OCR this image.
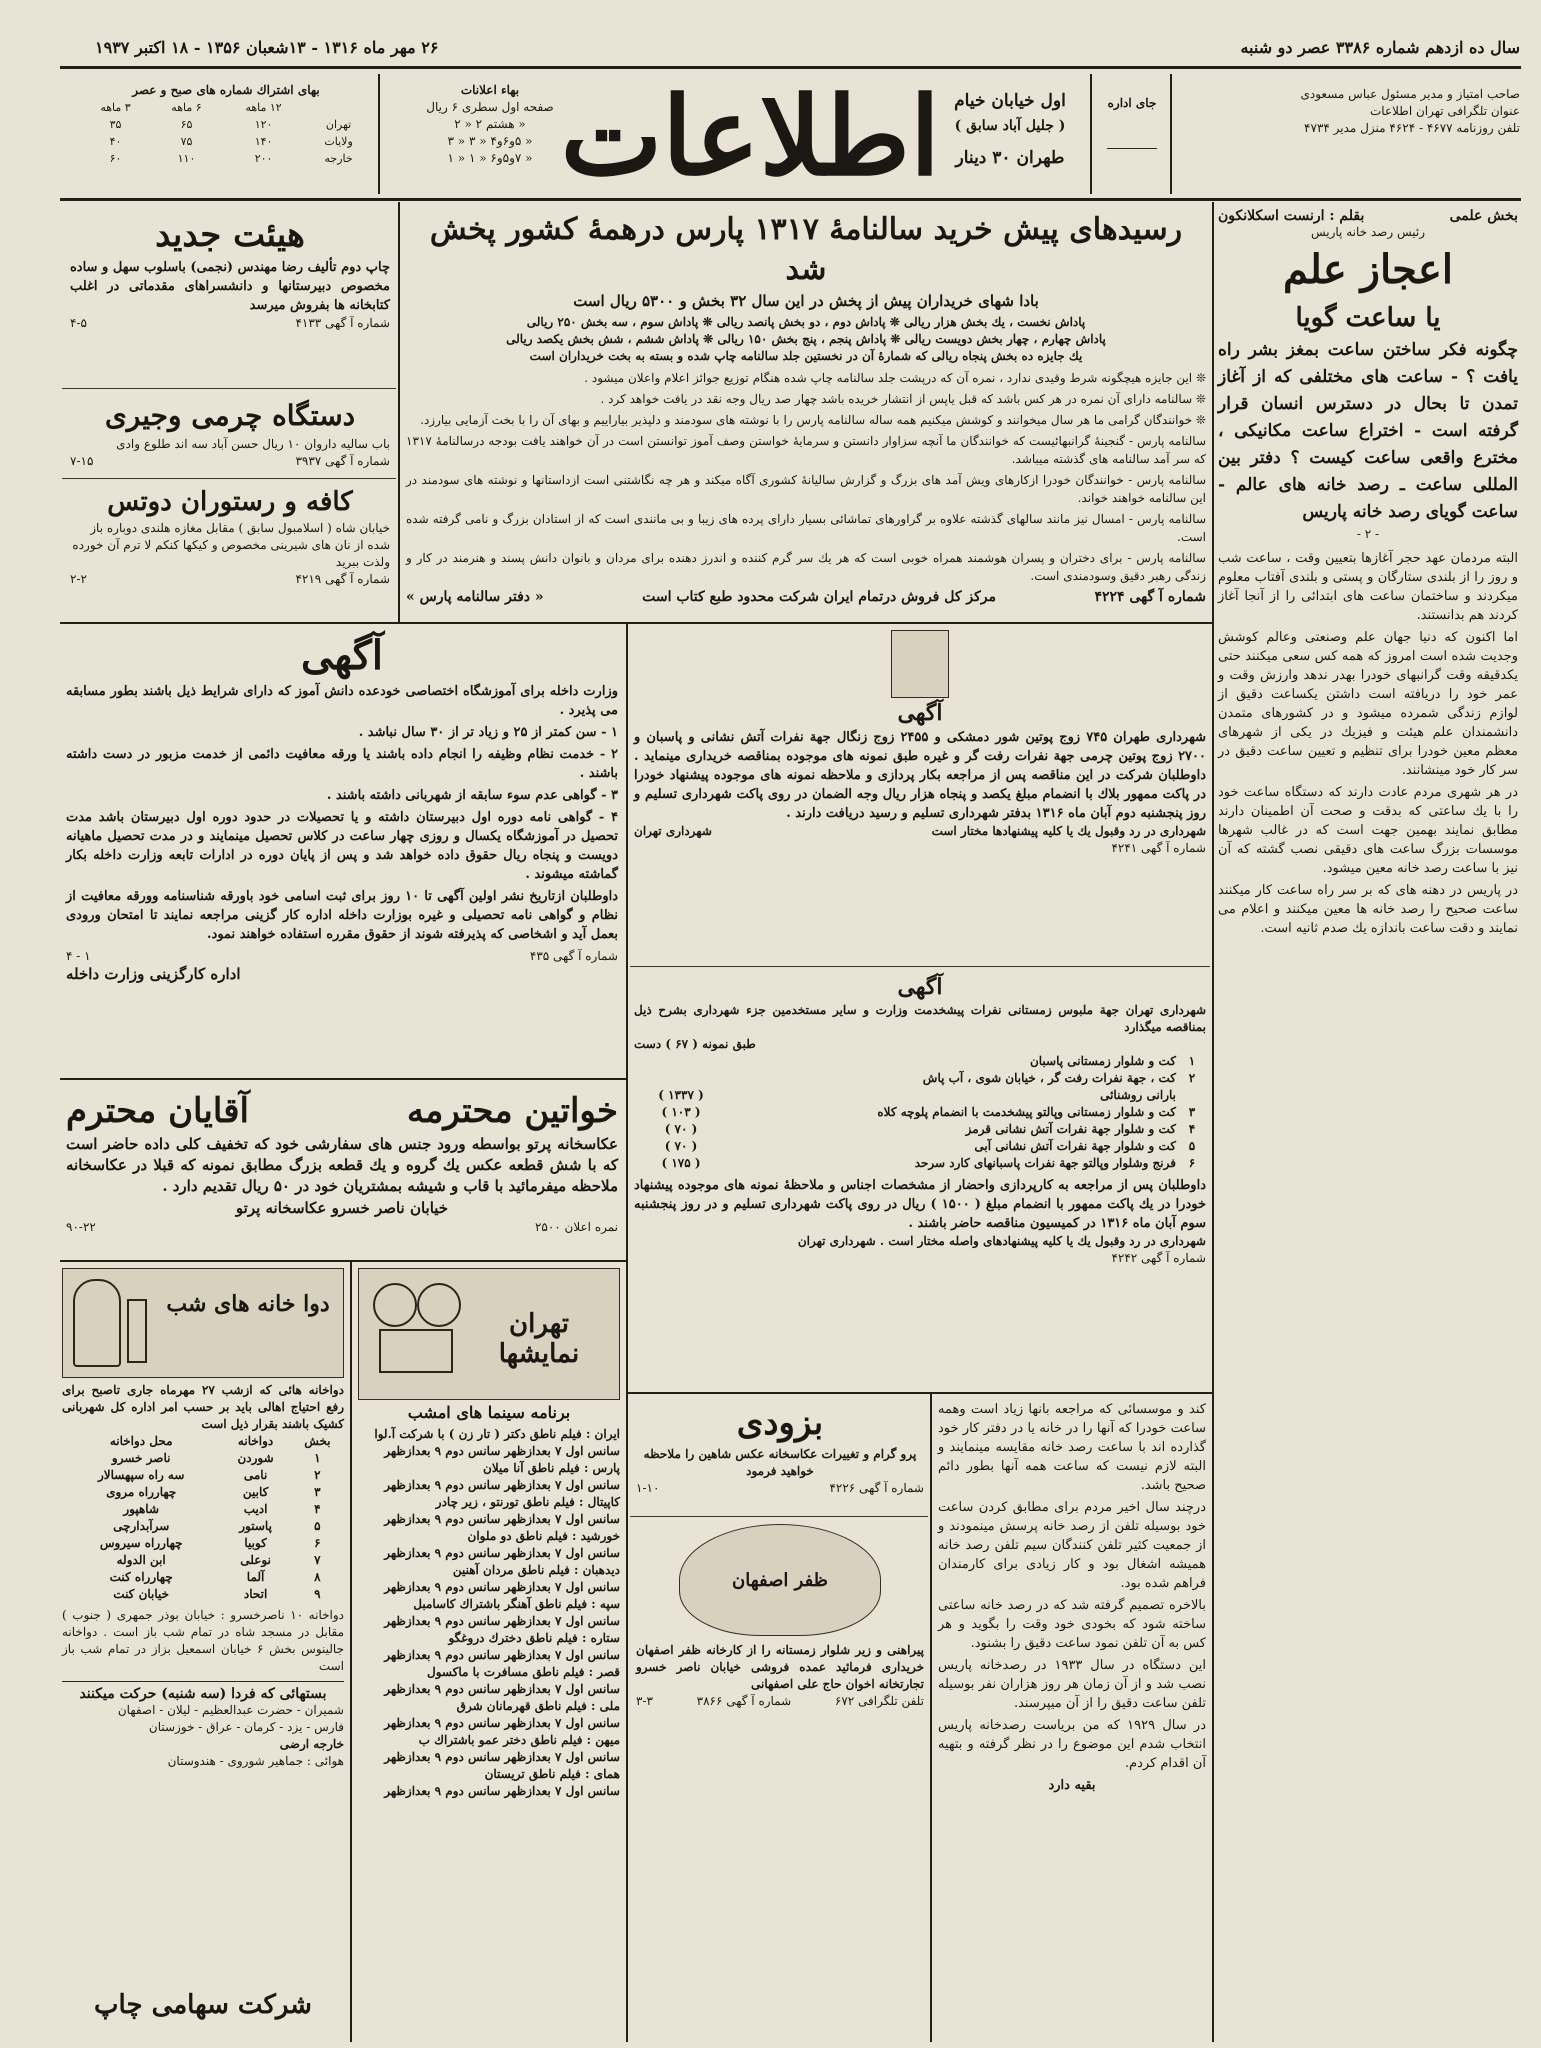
سال ده ازدهم شماره ۳۳۸۶ عصر دو شنبه
۲۶ مهر ماه ۱۳۱۶ - ۱۳شعبان ۱۳۵۶ - ۱۸ اکتبر ۱۹۳۷
صاحب امتیاز و مدیر مسئول عباس مسعودی
عنوان تلگرافی تهران اطلاعات
تلفن روزنامه ۴۶۷۷ - ۴۶۲۴ منزل مدیر ۴۷۳۴
جای اداره
اول خیابان خیام
( جلیل آباد سابق )
طهران ۳۰ دینار
اطلاعات
بهاء اعلانات
صفحه اول سطری ۶ ریال
« هشتم ۲ « ۲
« ۵و۶و۴ « ۳ « ۳
« ۷و۵و۶ « ۱ « ۱
بهای اشتراك شماره های صبح و عصر
	۱۲ ماهه	۶ ماهه	۳ ماهه
تهران	۱۲۰	۶۵	۳۵
ولایات	۱۴۰	۷۵	۴۰
خارجه	۲۰۰	۱۱۰	۶۰
رسیدهای پیش خرید سالنامهٔ ۱۳۱۷ پارس درهمهٔ کشور پخش شد
بادا شهای خریداران پیش از پخش در این سال ۳۲ بخش و ۵۳۰۰ ریال است
پاداش نخست ، یك بخش هزار ریالی ❊ پاداش دوم ، دو بخش پانصد ریالی ❊ پاداش سوم ، سه بخش ۲۵۰ ریالی
پاداش چهارم ، چهار بخش دویست ریالی ❊ پاداش پنجم ، پنج بخش ۱۵۰ ریالی ❊ پاداش ششم ، شش بخش یکصد ریالی
یك جایزه ده بخش پنجاه ریالی که شمارهٔ آن در نخستین جلد سالنامه چاپ شده و بسته به بخت خریداران است

❊ این جایزه هیچگونه شرط وقیدی ندارد ، نمره آن که درپشت جلد سالنامه چاپ شده هنگام توزیع جوائز اعلام واعلان میشود .

❊ سالنامه دارای آن نمره در هر کس باشد که قبل یاپس از انتشار خریده باشد چهار صد ریال وجه نقد در یافت خواهد کرد .

❊ خوانندگان گرامی ما هر سال میخوانند و کوشش میکنیم همه ساله سالنامه پارس را با نوشته های سودمند و دلپذیر بیاراییم و بهای آن را با بخت آزمایی بیارزد.

سالنامه پارس - گنجینهٔ گرانبهائیست که خوانندگان ما آنچه سزاوار دانستن و سرمایهٔ خواستن وصف آموز توانستن است در آن خواهند یافت بودجه درسالنامهٔ ۱۳۱۷ که سر آمد سالنامه های گذشته میباشد.

سالنامه پارس - خوانندگان خودرا ازکارهای ویش آمد های بزرگ و گزارش سالیانهٔ کشوری آگاه میکند و هر چه نگاشتنی است ازداستانها و نوشته های سودمند در این سالنامه خواهند خواند.

سالنامه پارس - امسال نیز مانند سالهای گذشته علاوه بر گراورهای تماشائی بسیار دارای پرده های زیبا و بی مانندی است که از استادان بزرگ و نامی گرفته شده است.

سالنامه پارس - برای دختران و پسران هوشمند همراه خوبی است که هر یك سر گرم کننده و اندرز دهنده برای مردان و بانوان دانش پسند و هنرمند در کار و زندگی رهبر دقیق وسودمندی است.

شماره آ گهی ۴۲۲۴
مرکز کل فروش درتمام ایران شرکت محدود طبع کتاب است
« دفتر سالنامه پارس »
هیئت جدید
چاپ دوم تألیف رضا مهندس (نجمی) باسلوب سهل و ساده مخصوص دبیرستانها و دانشسراهای مقدماتی در اغلب کتابخانه ها بفروش میرسد
شماره آ گهی ۴۱۳۳
۴-۵
دستگاه چرمی وجیری
باب سالیه داروان ۱۰ ریال حسن آباد سه اند طلوع وادی
شماره آ گهی ۳۹۳۷
۷-۱۵
کافه و رستوران دوتس
خیابان شاه ( اسلامبول سابق ) مقابل مغازه هلندی دوباره باز شده از نان های شیرینی مخصوص و کیکها کنکم لا ترم آن خورده ولذت ببرید
شماره آ گهی ۴۲۱۹
۲-۲
بخش علمی
بقلم : ارنست اسکلانکون
رئیس رصد خانه پاریس
اعجاز علم
یا ساعت گویا
چگونه فکر ساختن ساعت بمغز بشر راه یافت ؟ - ساعت های مختلفی که از آغاز تمدن تا بحال در دسترس انسان قرار گرفته است - اختراع ساعت مکانیکی ، مخترع واقعی ساعت کیست ؟ دفتر بین المللی ساعت ـ رصد خانه های عالم - ساعت گویای رصد خانه پاریس
- ۲ -

البته مردمان عهد حجر آغازها بتعیین وقت ، ساعت شب و روز را از بلندی ستارگان و پستی و بلندی آفتاب معلوم میکردند و ساختمان ساعت های ابتدائی را از آنجا آغاز کردند هم بدانستند.

اما اکنون که دنیا جهان علم وصنعتی وعالم کوشش وجدیت شده است امروز که همه کس سعی میکنند حتی یکدقیقه وقت گرانبهای خودرا بهدر ندهد وارزش وقت و عمر خود را دریافته است داشتن یکساعت دقیق از لوازم زندگی شمرده میشود و در کشورهای متمدن دانشمندان علم هیئت و فیزیك در یکی از شهرهای معظم معین خودرا برای تنظیم و تعیین ساعت دقیق در سر کار خود مینشانند.

در هر شهری مردم عادت دارند که دستگاه ساعت خود را با یك ساعتی که بدقت و صحت آن اطمینان دارند مطابق نمایند بهمین جهت است که در غالب شهرها موسسات بزرگ ساعت های دقیقی نصب گشته که آن نیز با ساعت رصد خانه معین میشود.

در پاریس در دهنه های که بر سر راه ساعت کار میکنند ساعت صحیح را رصد خانه ها معین میکنند و اعلام می نمایند و دقت ساعت باندازه یك صدم ثانیه است.

آگهی

وزارت داخله برای آموزشگاه اختصاصی خودعده دانش آموز که دارای شرایط ذیل باشند بطور مسابقه می پذیرد .

۱ - سن کمتر از ۲۵ و زیاد تر از ۳۰ سال نباشد .

۲ - خدمت نظام وظیفه را انجام داده باشند یا ورقه معافیت دائمی از خدمت مزبور در دست داشته باشند .

۳ - گواهی عدم سوء سابقه از شهربانی داشته باشند .

۴ - گواهی نامه دوره اول دبیرستان داشته و یا تحصیلات در حدود دوره اول دبیرستان باشد مدت تحصیل در آموزشگاه یکسال و روزی چهار ساعت در کلاس تحصیل مینمایند و در مدت تحصیل ماهیانه دویست و پنجاه ریال حقوق داده خواهد شد و پس از پایان دوره در ادارات تابعه وزارت داخله بکار گماشته میشوند .

داوطلبان ازتاریخ نشر اولین آگهی تا ۱۰ روز برای ثبت اسامی خود باورقه شناسنامه وورقه معافیت از نظام و گواهی نامه تحصیلی و غیره بوزارت داخله اداره کار گزینی مراجعه نمایند تا امتحان ورودی بعمل آید و اشخاصی که پذیرفته شوند از حقوق مقرره استفاده خواهند نمود.

شماره آ گهی ۴۳۵
۱ - ۴
اداره کارگزینی وزارت داخله
خواتین محترمه
آقایان محترم
عکاسخانه پرتو بواسطه ورود جنس های سفارشی خود که تخفیف کلی داده حاضر است که با شش قطعه عکس یك گروه و یك قطعه بزرگ مطابق نمونه که قبلا در عکاسخانه ملاحظه میفرمائید با قاب و شیشه بمشتریان خود در ۵۰ ریال تقدیم دارد .
خیابان ناصر خسرو عکاسخانه پرتو
نمره اعلان ۲۵۰۰
۹۰-۲۲
دوا خانه های شب
دواخانه هائی که ازشب ۲۷ مهرماه جاری تاصبح برای رفع احتیاج اهالی باید بر حسب امر اداره کل شهربانی کشیک باشند بقرار ذیل است
بخش	دواخانه	محل دواخانه
۱	شوردن	ناصر خسرو
۲	نامی	سه راه سپهسالار
۳	کابین	چهارراه مروی
۴	ادیب	شاهپور
۵	پاستور	سرآبدارچی
۶	کوبیا	چهارراه سیروس
۷	نوعلی	ابن الدوله
۸	آلما	چهارراه کنت
۹	اتحاد	خیابان کنت
دواخانه ۱۰ ناصرخسرو : خیابان بوذر جمهری ( جنوب ) مقابل در مسجد شاه در تمام شب باز است . دواخانه جالینوس بخش ۶ خیابان اسمعیل بزاز در تمام شب باز است
بستهائی که فردا (سه شنبه) حرکت میکنند
شمیران - حضرت عبدالعظیم - لیلان - اصفهان
فارس - یزد - کرمان - عراق - خوزستان
خارجه ارضی
هوائی : جماهیر شوروی - هندوستان
شرکت سهامی چاپ
تهران نمایشها
برنامه سینما های امشب
ایران : فیلم ناطق دکتر ( تار زن ) با شرکت آ.لوا
سانس اول ۷ بعدازظهر سانس دوم ۹ بعدازظهر
پارس : فیلم ناطق آنا میلان
سانس اول ۷ بعدازظهر سانس دوم ۹ بعدازظهر
کاپیتال : فیلم ناطق تورنتو ، زیر چادر
سانس اول ۷ بعدازظهر سانس دوم ۹ بعدازظهر
خورشید : فیلم ناطق دو ملوان
سانس اول ۷ بعدازظهر سانس دوم ۹ بعدازظهر
دیدهبان : فیلم ناطق مردان آهنین
سانس اول ۷ بعدازظهر سانس دوم ۹ بعدازظهر
سپه : فیلم ناطق آهنگر باشتراك کاسامبل
سانس اول ۷ بعدازظهر سانس دوم ۹ بعدازظهر
ستاره : فیلم ناطق دخترك دروغگو
سانس اول ۷ بعدازظهر سانس دوم ۹ بعدازظهر
قصر : فیلم ناطق مسافرت با ماکسول
سانس اول ۷ بعدازظهر سانس دوم ۹ بعدازظهر
ملی : فیلم ناطق قهرمانان شرق
سانس اول ۷ بعدازظهر سانس دوم ۹ بعدازظهر
میهن : فیلم ناطق دختر عمو باشتراك ب
سانس اول ۷ بعدازظهر سانس دوم ۹ بعدازظهر
همای : فیلم ناطق تریستان
سانس اول ۷ بعدازظهر سانس دوم ۹ بعدازظهر
آگهی
شهرداری طهران ۷۴۵ زوج پوتین شور دمشکی و ۲۴۵۵ زوج زنگال جهة نفرات آتش نشانی و پاسبان و ۲۷۰۰ زوج پوتین چرمی جهة نفرات رفت گر و غیره طبق نمونه های موجوده بمناقصه خریداری مینماید . داوطلبان شرکت در این مناقصه پس از مراجعه بکار پردازی و ملاحظه نمونه های موجوده پیشنهاد خودرا در پاکت ممهور بلاك با انضمام مبلغ یکصد و پنجاه هزار ریال وجه الضمان در روی پاکت شهرداری تسلیم و روز پنجشنبه دوم آبان ماه ۱۳۱۶ بدفتر شهرداری تسلیم و رسید دریافت دارند .
شهرداری در رد وقبول یك یا کلیه پیشنهادها مختار است
شهرداری تهران
شماره آ گهی ۴۲۴۱
آگهی
شهرداری تهران جهة ملبوس زمستانی نفرات پیشخدمت وزارت و سایر مستخدمین جزء شهرداری بشرح ذیل بمناقصه میگذارد
طبق نمونه ( ۶۷ ) دست
۱	کت و شلوار زمستانی پاسبان	
۲	کت ، جهة نفرات رفت گر ، خیابان شوی ، آب پاش	
	بارانی روشنائی	( ۱۳۳۷ )
۳	کت و شلوار زمستانی وپالتو پیشخدمت با انضمام پلوچه کلاه	( ۱۰۳ )
۴	کت و شلوار جهة نفرات آتش نشانی قرمز	( ۷۰ )
۵	کت و شلوار جهة نفرات آتش نشانی آبی	( ۷۰ )
۶	فرنج وشلوار وپالتو جهة نفرات پاسبانهای کارد سرحد	( ۱۷۵ )
داوطلبان پس از مراجعه به کارپردازی واحضار از مشخصات اجناس و ملاحظهٔ نمونه های موجوده پیشنهاد خودرا در یك پاکت ممهور با انضمام مبلغ ( ۱۵۰۰ ) ریال در روی پاکت شهرداری تسلیم و در روز پنجشنبه سوم آبان ماه ۱۳۱۶ در کمیسیون مناقصه حاضر باشند .
شهرداری در رد وقبول یك یا کلیه پیشنهادهای واصله مختار است . شهرداری تهران
شماره آ گهی ۴۲۴۲
بزودی
پرو گرام و تغییرات عکاسخانه عکس شاهین را ملاحظه خواهید فرمود
شماره آ گهی ۴۲۲۶
۱-۱۰
ظفر اصفهان
پیراهنی و زیر شلوار زمستانه را از کارخانه ظفر اصفهان خریداری فرمائید عمده فروشی خیابان ناصر خسرو تجارتخانه اخوان حاج علی اصفهانی
تلفن تلگرافی ۶۷۲
شماره آ گهی ۳۸۶۶
۳-۳

کند و موسسائی که مراجعه بانها زیاد است وهمه ساعت خودرا که آنها را در خانه یا در دفتر کار خود گذارده اند با ساعت رصد خانه مقایسه مینمایند و البته لازم نیست که ساعت همه آنها بطور دائم صحیح باشد.

درچند سال اخیر مردم برای مطابق کردن ساعت خود بوسیله تلفن از رصد خانه پرسش مینمودند و از جمعیت کثیر تلفن کنندگان سیم تلفن رصد خانه همیشه اشغال بود و کار زیادی برای کارمندان فراهم شده بود.

بالاخره تصمیم گرفته شد که در رصد خانه ساعتی ساخته شود که بخودی خود وقت را بگوید و هر کس به آن تلفن نمود ساعت دقیق را بشنود.

این دستگاه در سال ۱۹۳۳ در رصدخانه پاریس نصب شد و از آن زمان هر روز هزاران نفر بوسیله تلفن ساعت دقیق را از آن میپرسند.

در سال ۱۹۲۹ که من بریاست رصدخانه پاریس انتخاب شدم این موضوع را در نظر گرفته و بتهیه آن اقدام کردم.

بقیه دارد
